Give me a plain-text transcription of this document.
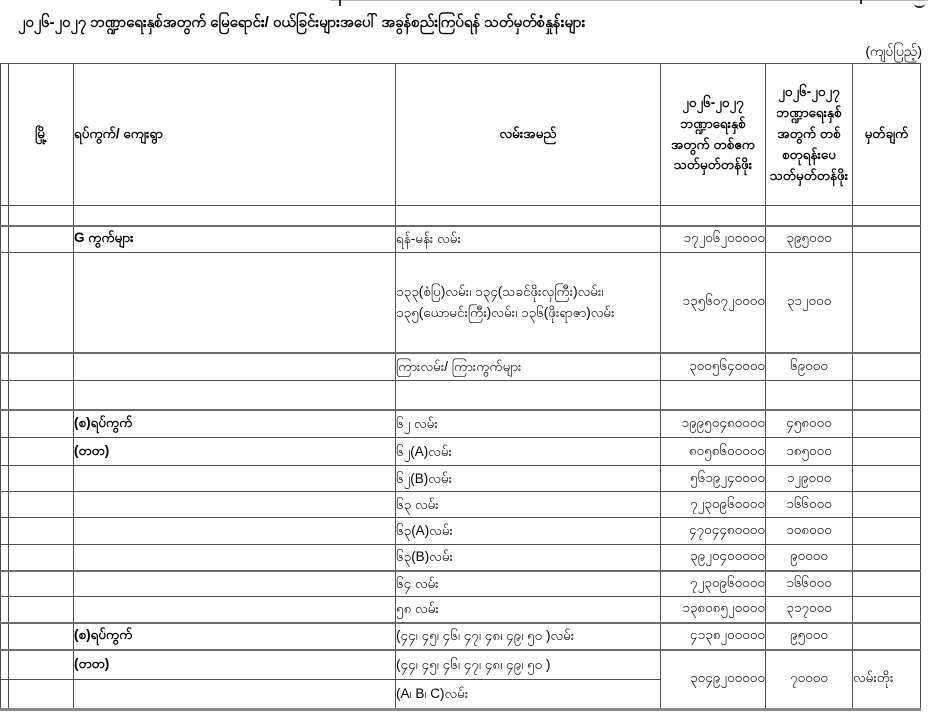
၂၀၂၆-၂၀၂၇ ဘဏ္ဍာရေးနှစ်အတွက် မြေရောင်း/ ဝယ်ခြင်းများအပေါ် အခွန်စည်းကြပ်ရန် သတ်မှတ်စံနှုန်းများ
(ကျပ်ပြည့်)
	မြို့	ရပ်ကွက်/ ကျေးရွာ	လမ်းအမည်	၂၀၂၆-၂၀၂၇ ဘဏ္ဍာရေးနှစ် အတွက် တစ်ဧက သတ်မှတ်တန်ဖိုး	၂၀၂၆-၂၀၂၇ ဘဏ္ဍာရေးနှစ် အတွက် တစ်စတုရန်းပေ သတ်မှတ်တန်ဖိုး	မှတ်ချက်

		G ကွက်များ	ရန်-မန်း လမ်း	၁၇၂၀၆၂၀၀၀၀၀	၃၉၅၀၀၀	
			၁၃၃(စံပြ)လမ်း၊ ၁၃၄(သခင်ဖိုးလှကြီး)လမ်း၊ ၁၃၅(ယောမင်းကြီး)လမ်း၊ ၁၃၆(ဖိုးရာဇာ)လမ်း	၁၃၅၆၀၇၂၀၀၀၀	၃၁၂၀၀၀	
			ကြားလမ်း/ ကြားကွက်များ	၃၀၀၅၆၄၀၀၀၀	၆၉၀၀၀	

		(စ)ရပ်ကွက်	၆၂ လမ်း	၁၉၉၅၀၄၈၀၀၀၀	၄၅၈၀၀၀	
		(တတ)	၆၂(A)လမ်း	၈၀၅၈၆၀၀၀၀၀	၁၈၅၀၀၀	
			၆၂(B)လမ်း	၅၆၁၉၂၄၀၀၀၀	၁၂၉၀၀၀	
			၆၃ လမ်း	၇၂၃၀၉၆၀၀၀၀	၁၆၆၀၀၀	
			၆၃(A)လမ်း	၄၇၀၄၄၈၀၀၀၀	၁၀၈၀၀၀	
			၆၃(B)လမ်း	၃၉၂၀၄၀၀၀၀၀	၉၀၀၀၀	
			၆၄ လမ်း	၇၂၃၀၉၆၀၀၀၀	၁၆၆၀၀၀	
			၅၈ လမ်း	၁၃၈၀၈၅၂၀၀၀၀	၃၁၇၀၀၀	
		(စ)ရပ်ကွက်	(၄၄၊ ၄၅၊ ၄၆၊ ၄၇၊ ၄၈၊ ၄၉၊ ၅၀ )လမ်း	၄၁၃၈၂၀၀၀၀၀	၉၅၀၀၀	
		(တတ)	(၄၄၊ ၄၅၊ ၄၆၊ ၄၇၊ ၄၈၊ ၄၉၊ ၅၀ )	၃၀၄၉၂၀၀၀၀၀	၇၀၀၀၀	လမ်းတိုး
			(A၊ B၊ C)လမ်း			
